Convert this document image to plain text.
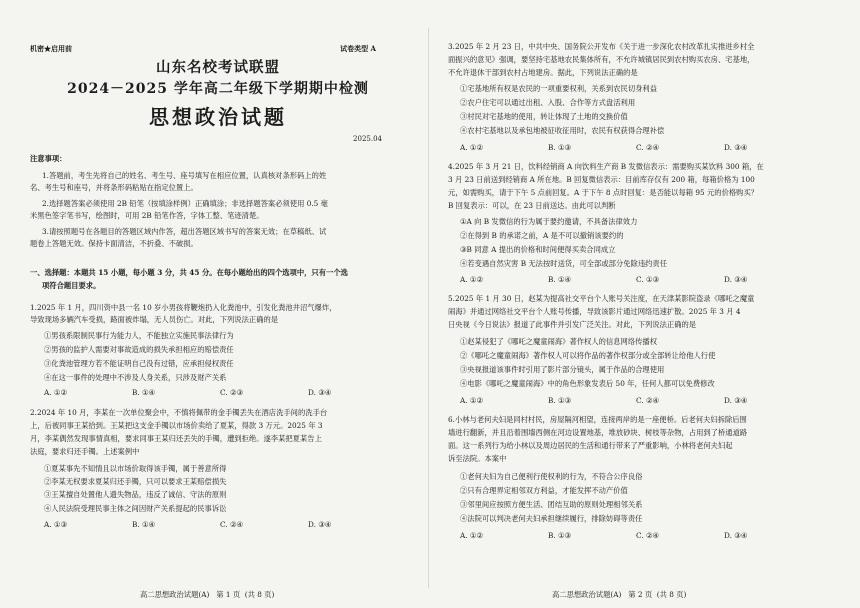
机密★启用前	试卷类型 A
山东名校考试联盟
2024－2025 学年高二年级下学期期中检测
思想政治试题
2025.04
注意事项：
1.答题前，考生先将自己的姓名、考生号、座号填写在相应位置，认真核对条形码上的姓
名、考生号和座号，并将条形码粘贴在指定位置上。
2.选择题答案必须使用 2B 铅笔（按填涂样例）正确填涂；非选择题答案必须使用 0.5 毫
米黑色签字笔书写，绘图时，可用 2B 铅笔作答，字体工整、笔迹清楚。
3.请按照题号在各题目的答题区域内作答，超出答题区域书写的答案无效；在草稿纸、试
题卷上答题无效。保持卡面清洁，不折叠、不破损。
一、选择题：本题共 15 小题，每小题 3 分，共 45 分。在每小题给出的四个选项中，只有一个选
项符合题目要求。
1.2025 年 1 月，四川资中县一名 10 岁小男孩将鞭炮扔入化粪池中，引发化粪池井沼气爆炸，
导致现场多辆汽车受损，路面被炸塌，无人员伤亡。对此，下列说法正确的是
①男孩系限制民事行为能力人，不能独立实施民事法律行为
②男孩的监护人需要对事故造成的损失承担相应的赔偿责任
③化粪池管理方若不能证明自己没有过错，应承担侵权责任
④在这一事件的处理中不涉及人身关系，只涉及财产关系
A. ①②	B. ①④	C. ②③	D. ③④
2.2024 年 10 月，李某在一次单位聚会中，不慎将佩带的金手镯丢失在酒店洗手间的洗手台
上，后被同事王某拾到。王某把这支金手镯以市场价卖给了夏某，得款 3 万元。2025 年 3
月，李某偶然发现事情真相，要求同事王某归还丢失的手镯，遭到拒绝。遂李某把夏某告上
法庭，要求归还手镯。上述案例中
①夏某事先不知情且以市场价取得该手镯，属于善意所得
②李某无权要求夏某归还手镯，只可以要求王某赔偿损失
③王某擅自处置他人遗失物品，违反了诚信、守法的原则
④人民法院受理民事主体之间因财产关系提起的民事诉讼
A. ①③	B. ①④	C. ②④	D. ③④
高二思想政治试题(A)   第 1 页  (共 8 页)
3.2025 年 2 月 23 日，中共中央、国务院公开发布《关于进一步深化农村改革扎实推进乡村全
面振兴的意见》强调，要坚持宅基地农民集体所有，不允许城镇居民到农村购买农房、宅基地，
不允许退休干部到农村占地建房。据此，下列说法正确的是
①宅基地所有权是农民的一项重要权利，关系到农民切身利益
②农户住宅可以通过出租、入股、合作等方式盘活利用
③村民对宅基地的使用，转让体现了土地的交换价值
④农村宅基地以及承包地被征收征用时，农民有权获得合理补偿
A. ①②	B. ①③	C. ②④	D. ③④
4.2025 年 3 月 21 日，饮料经销商 A 向饮料生产商 B 发微信表示：需要购买某饮料 300 箱，在
3 月 23 日前送到经销商 A 所在地。B 回复微信表示：目前库存仅有 200 箱，每箱价格为 100
元，如需购买，请于下午 5 点前回复。A 于下午 8 点时回复：是否能以每箱 95 元的价格购买？
B 回复表示：可以，在 23 日前送达。由此可以判断
①A 向 B 发微信的行为属于要约邀请，不具备法律效力
②在得到 B 的承诺之前，A 是不可以撤销该要约的
③B 同意 A 提出的价格和时间便得买卖合同成立
④若变遇自然灾害 B 无法按时送货，可全部或部分免除违约责任
A. ①②	B. ①④	C. ①③	D. ③④
5.2025 年 1 月 30 日，赵某为提高社交平台个人账号关注度，在天津某影院盗录《哪吒之魔童
闹海》并通过网络社交平台个人账号传播，导致该影片通过网络迅速扩散。2025 年 3 月 4
日央视《今日说法》报道了此事件并引发广泛关注。对此，下列说法正确的是
①赵某侵犯了《哪吒之魔童闹海》著作权人的信息网络传播权
②《哪吒之魔童闹海》著作权人可以将作品的著作权部分或全部转让给他人行使
③央视报道该事件时引用了影片部分镜头，属于作品的合理使用
④电影《哪吒之魔童闹海》中的角色形象发表后 50 年，任何人都可以免费修改
A. ①②	B. ①③	C. ②④	D. ③④
6.小林与老何夫妇是同村村民，房屋隔河相望，连接两岸的是一座便桥。后老何夫妇拆除后围
墙进行翻新，并且沿着围墙西侧在河边设置地基，堆放砂块、树枝等杂物，占用到了桥通道路
面。这一系列行为给小林以及周边居民的生活和通行带来了严重影响，小林将老何夫妇起
诉至法院。本案中
①老何夫妇为自己便利行使权利的行为，不符合公序良俗
②只有合理界定相邻双方利益，才能发挥不动产价值
③邻里间应按照方便生活、团结互助的原则处理相邻关系
④法院可以判决老何夫妇承担继续履行，排除妨碍等责任
A. ①②	B. ①③	C. ②④	D. ③④
高二思想政治试题(A)   第 2 页  (共 8 页)
